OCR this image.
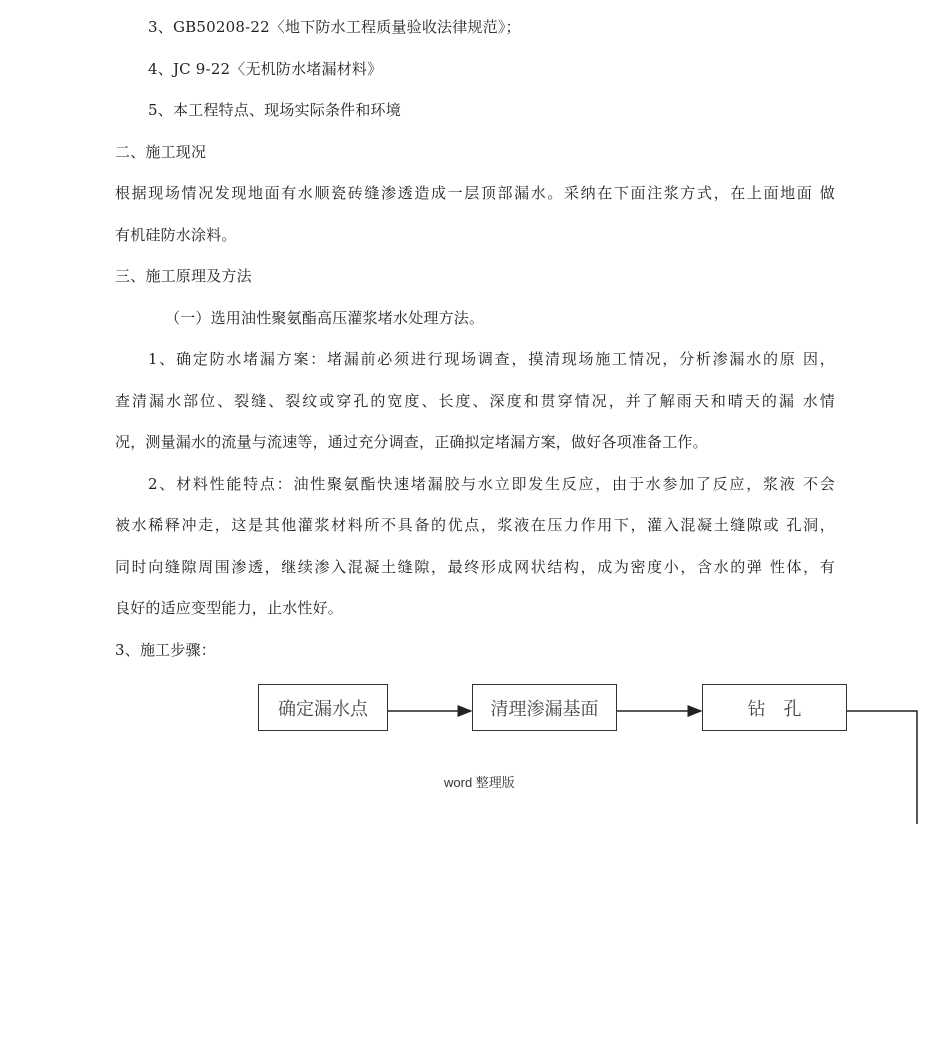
3、GB50208-22〈地下防水工程质量验收法律规范》；
4、JC 9-22〈无机防水堵漏材料》
5、本工程特点、现场实际条件和环境
二、施工现况
根据现场情况发现地面有水顺瓷砖缝渗透造成一层顶部漏水。采纳在下面注浆方式，在上面地面 做
有机硅防水涂料。
三、施工原理及方法
（一）选用油性聚氨酯高压灌浆堵水处理方法。
1、确定防水堵漏方案：堵漏前必须进行现场调查，摸清现场施工情况，分析渗漏水的原 因，
查清漏水部位、裂缝、裂纹或穿孔的宽度、长度、深度和贯穿情况，并了解雨天和晴天的漏 水情
况，测量漏水的流量与流速等，通过充分调查，正确拟定堵漏方案，做好各项准备工作。
2、材料性能特点：油性聚氨酯快速堵漏胶与水立即发生反应，由于水参加了反应，浆液 不会
被水稀释冲走，这是其他灌浆材料所不具备的优点，浆液在压力作用下，灌入混凝土缝隙或 孔洞，
同时向缝隙周围渗透，继续渗入混凝土缝隙，最终形成网状结构，成为密度小，含水的弹 性体，有
良好的适应变型能力，止水性好。
3、施工步骤：
确定漏水点	清理渗漏基面	钻　孔
word 整理版
